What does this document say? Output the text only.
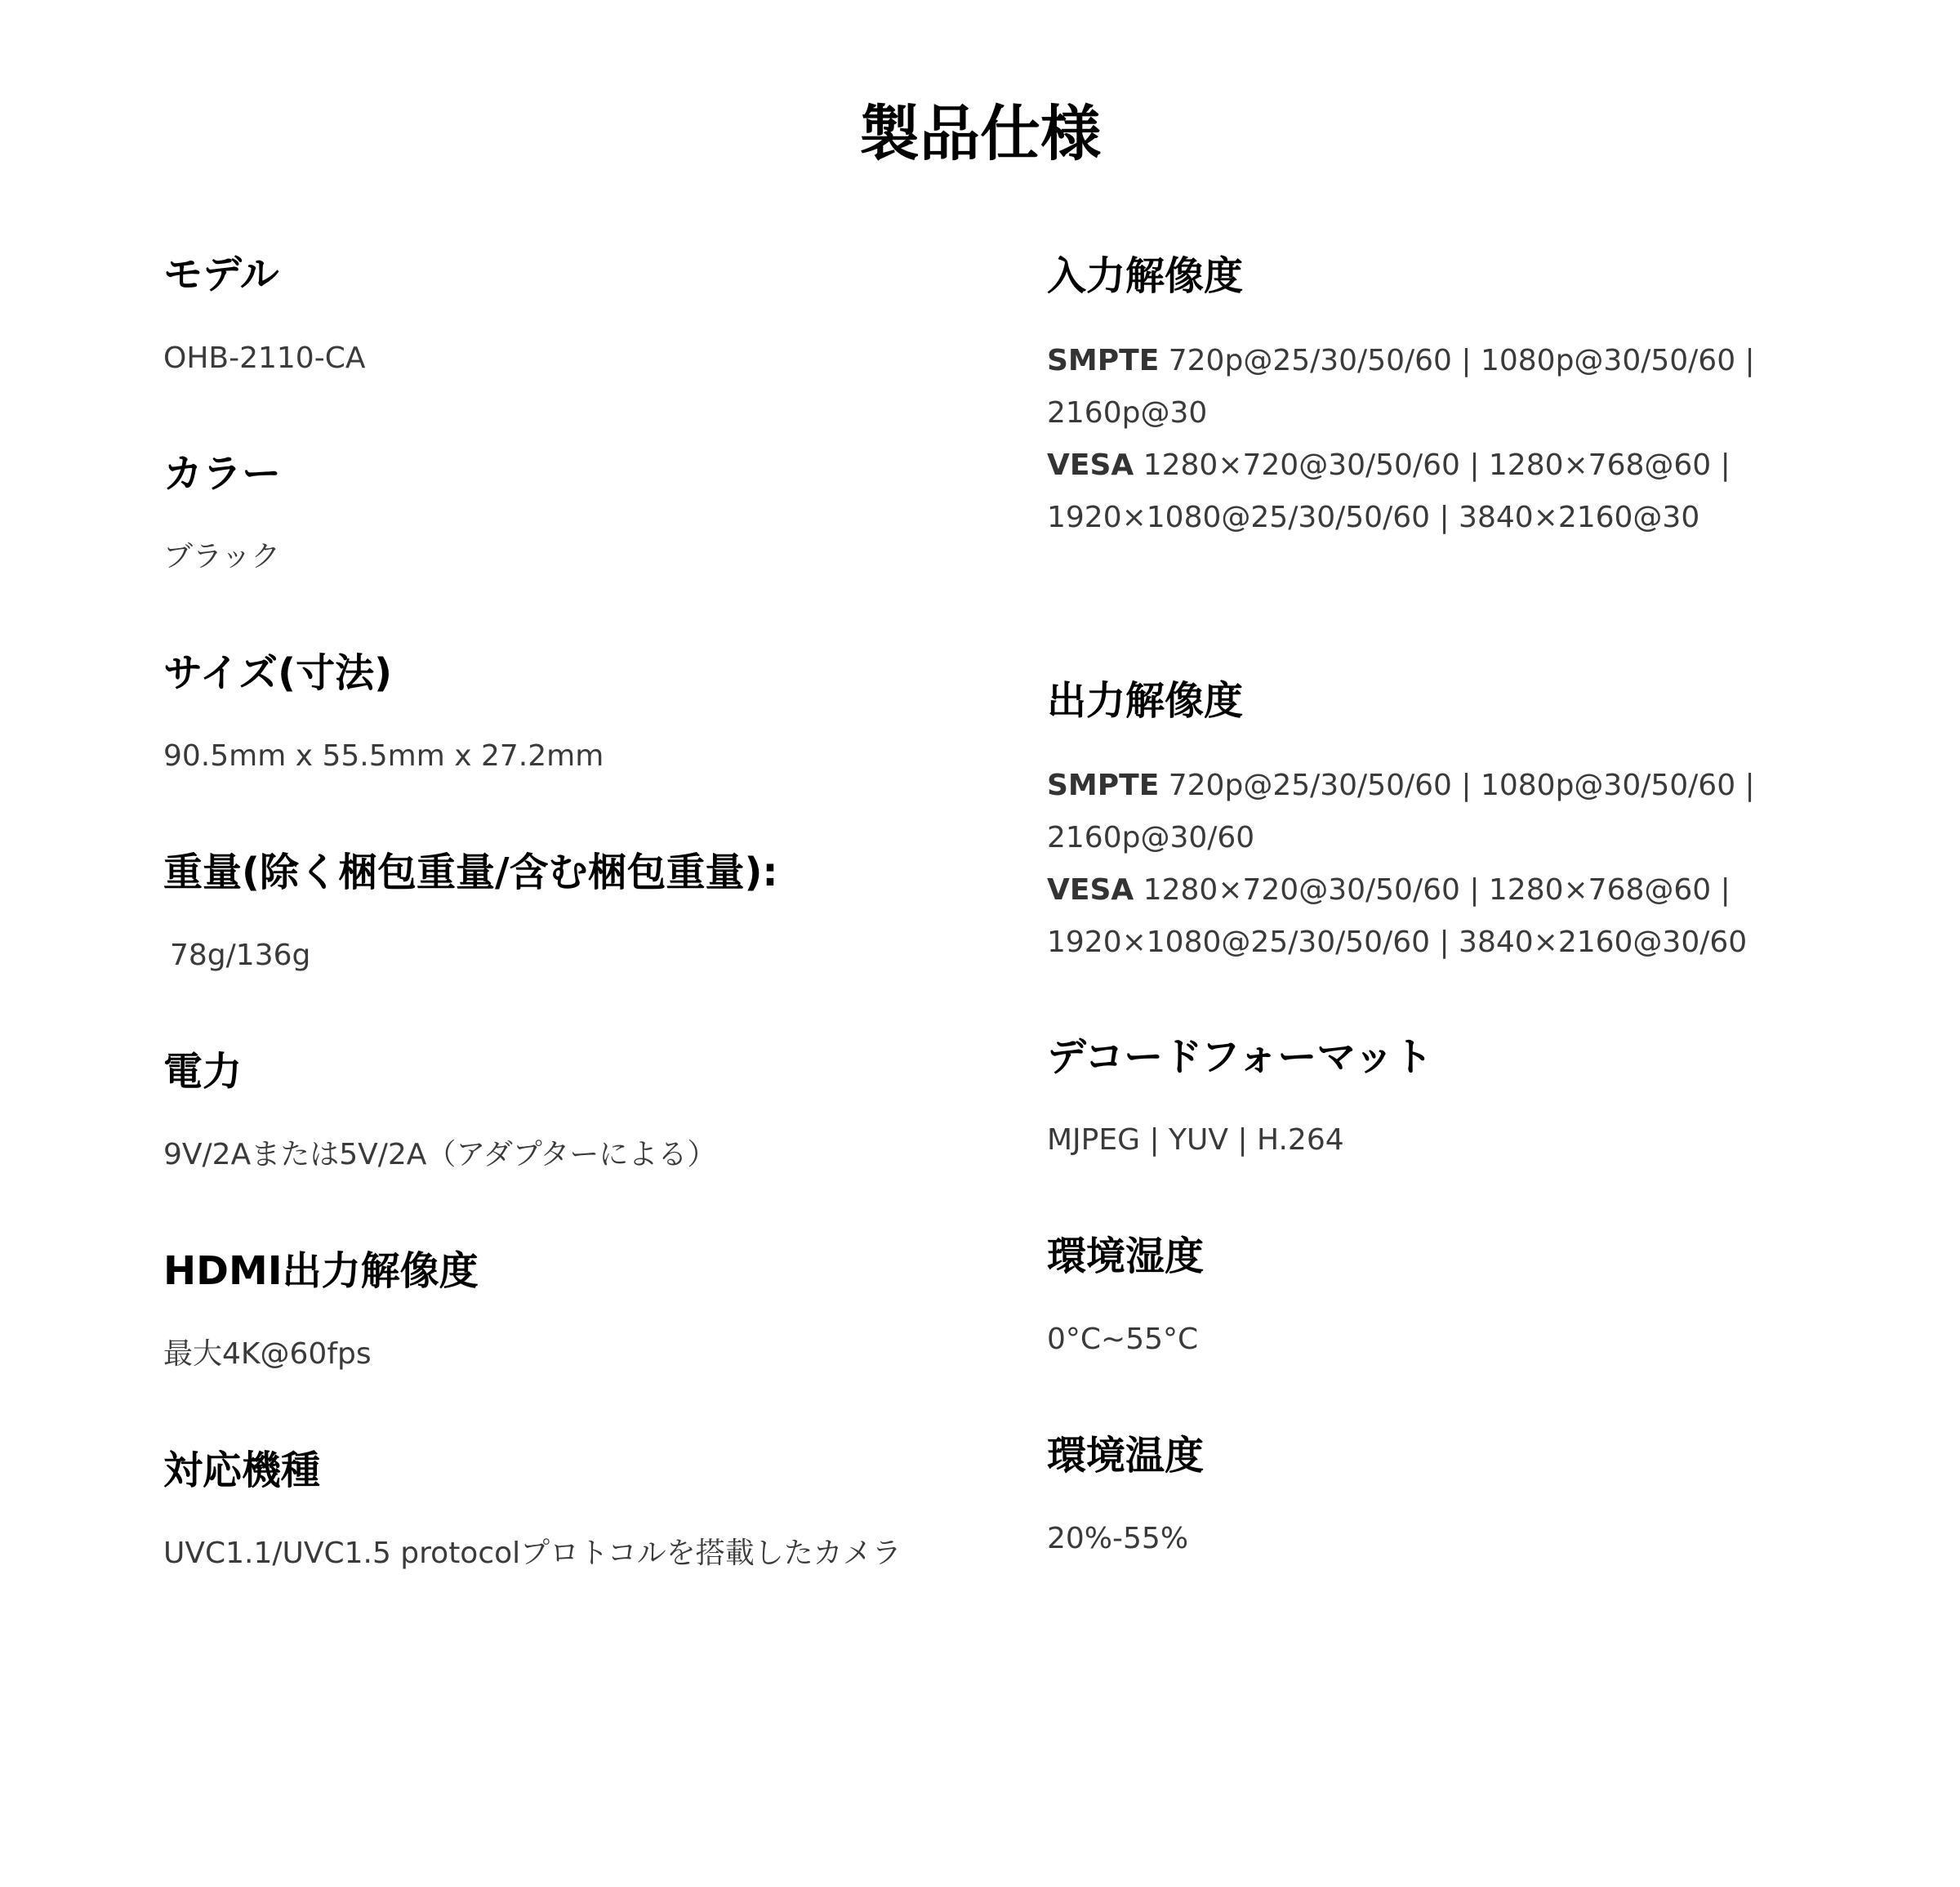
製品仕様
モデル
OHB-2110-CA
カラー
ブラック
サイズ(寸法)
90.5mm x 55.5mm x 27.2mm
重量(除く梱包重量/含む梱包重量):
78g/136g
電力
9V/2Aまたは5V/2A（アダプターによる）
HDMI出力解像度
最大4K@60fps
対応機種
UVC1.1/UVC1.5 protocolプロトコルを搭載したカメラ
入力解像度
SMPTE 720p@25/30/50/60 | 1080p@30/50/60 |
2160p@30
VESA 1280×720@30/50/60 | 1280×768@60 |
1920×1080@25/30/50/60 | 3840×2160@30
出力解像度
SMPTE 720p@25/30/50/60 | 1080p@30/50/60 |
2160p@30/60
VESA 1280×720@30/50/60 | 1280×768@60 |
1920×1080@25/30/50/60 | 3840×2160@30/60
デコードフォーマット
MJPEG | YUV | H.264
環境湿度
0°C~55°C
環境温度
20%-55%
